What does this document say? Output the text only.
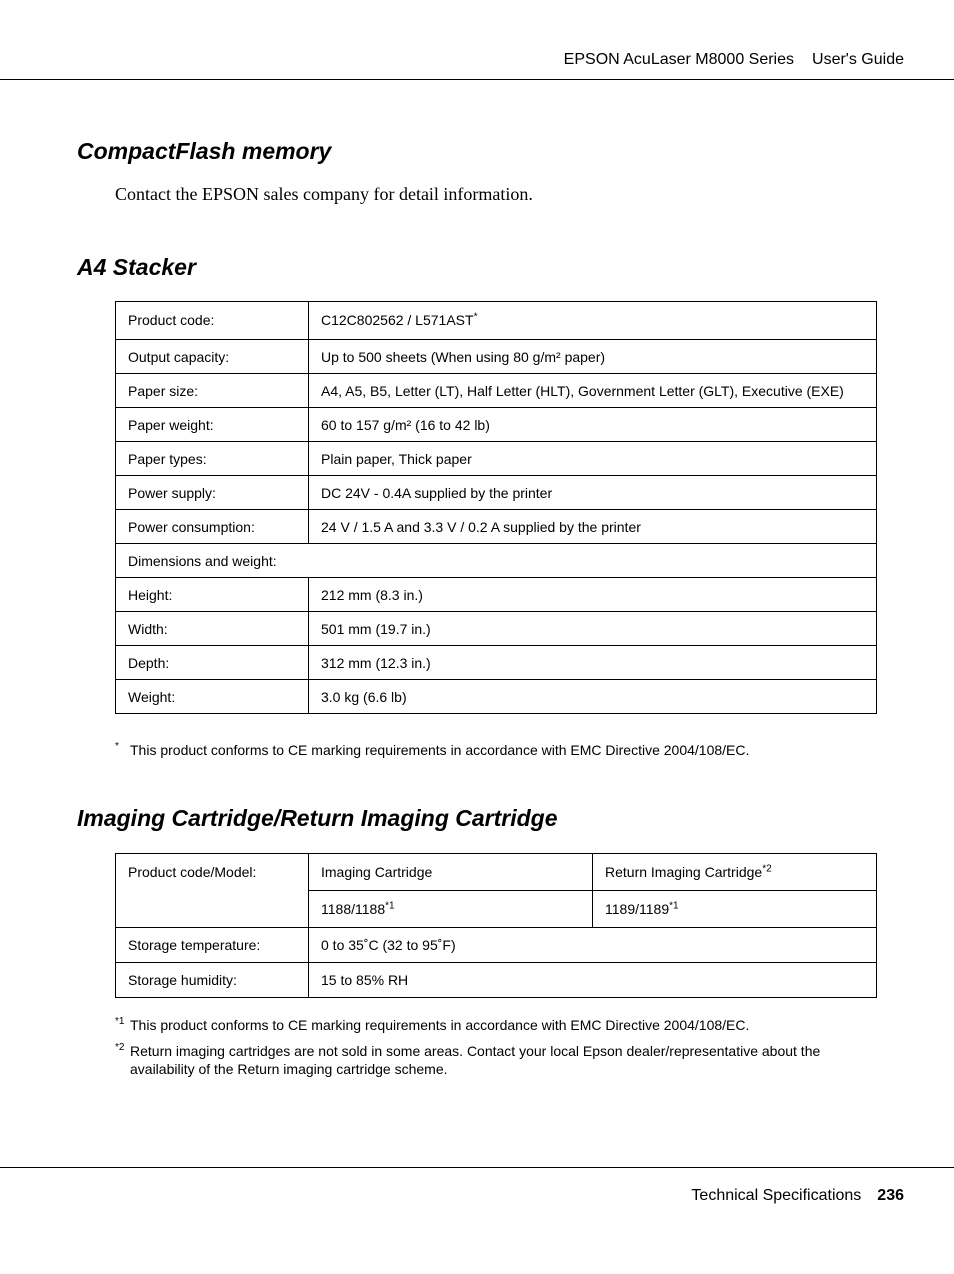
EPSON AcuLaser M8000 Series User's Guide
CompactFlash memory
Contact the EPSON sales company for detail information.
A4 Stacker
Product code:	C12C802562 / L571AST*
Output capacity:	Up to 500 sheets (When using 80 g/m² paper)
Paper size:	A4, A5, B5, Letter (LT), Half Letter (HLT), Government Letter (GLT), Executive (EXE)
Paper weight:	60 to 157 g/m² (16 to 42 lb)
Paper types:	Plain paper, Thick paper
Power supply:	DC 24V - 0.4A supplied by the printer
Power consumption:	24 V / 1.5 A and 3.3 V / 0.2 A supplied by the printer
Dimensions and weight:	
Height:	212 mm (8.3 in.)
Width:	501 mm (19.7 in.)
Depth:	312 mm (12.3 in.)
Weight:	3.0 kg (6.6 lb)
* This product conforms to CE marking requirements in accordance with EMC Directive 2004/108/EC.
Imaging Cartridge/Return Imaging Cartridge
Product code/Model:	Imaging Cartridge	Return Imaging Cartridge$^{*2}$
	1188/1188$^{*1}$	1189/1189$^{*1}$
Storage temperature:	0 to 35˚C (32 to 95˚F)	
Storage humidity:	15 to 85% RH	
*1 This product conforms to CE marking requirements in accordance with EMC Directive 2004/108/EC.
*2 Return imaging cartridges are not sold in some areas. Contact your local Epson dealer/representative about the availability of the Return imaging cartridge scheme.
Technical Specifications 236
